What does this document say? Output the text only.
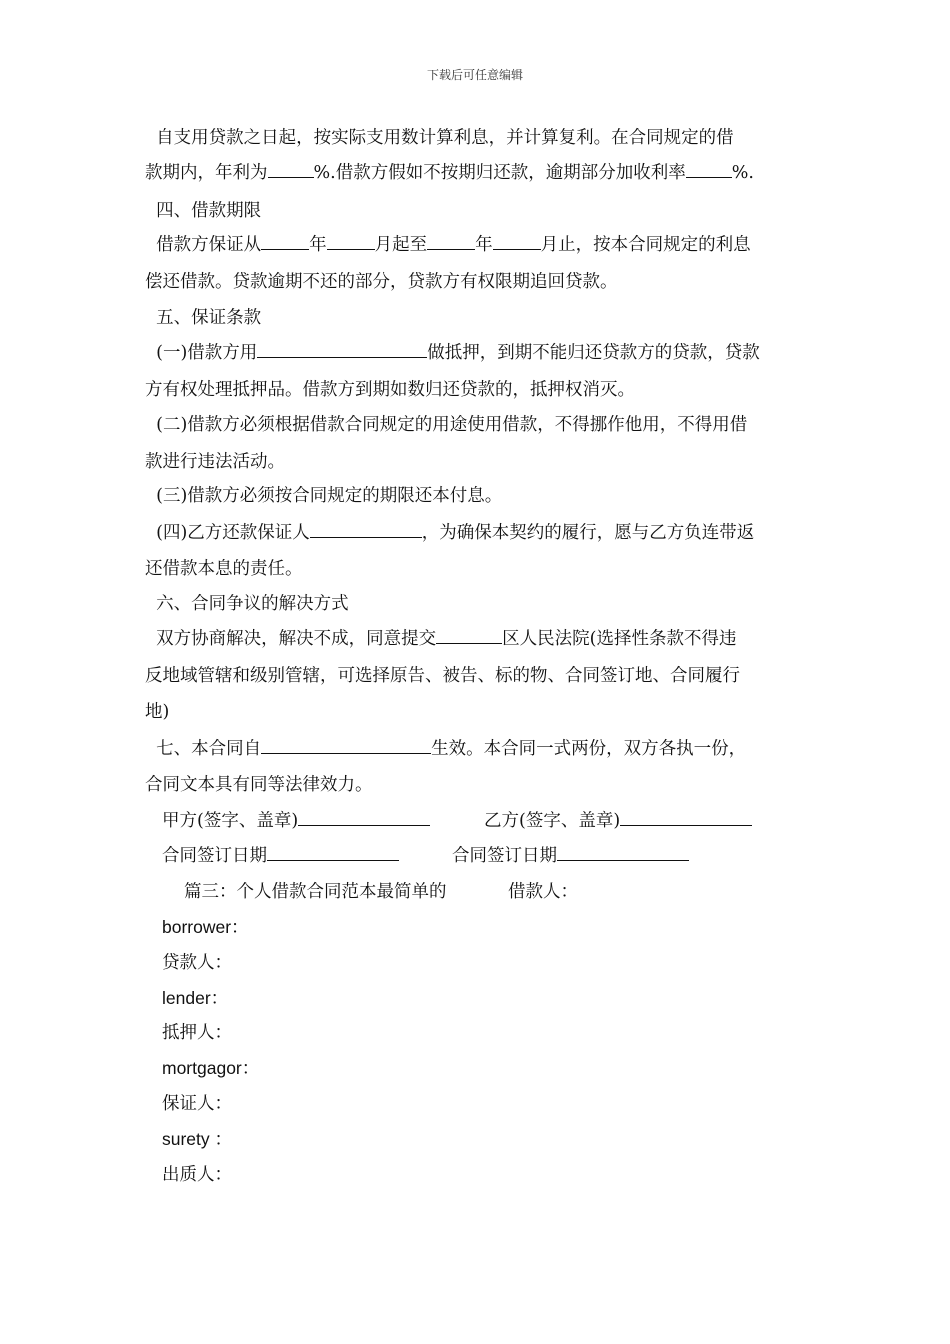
下载后可任意编辑
自支用贷款之日起，按实际支用数计算利息，并计算复利。在合同规定的借
款期内，年利为	%.借款方假如不按期归还款，逾期部分加收利率	%.
四、借款期限
借款方保证从	年	月起至	年	月止，按本合同规定的利息
偿还借款。贷款逾期不还的部分，贷款方有权限期追回贷款。
五、保证条款
(一)借款方用	做抵押，到期不能归还贷款方的贷款，贷款
方有权处理抵押品。借款方到期如数归还贷款的，抵押权消灭。
(二)借款方必须根据借款合同规定的用途使用借款，不得挪作他用，不得用借
款进行违法活动。
(三)借款方必须按合同规定的期限还本付息。
(四)乙方还款保证人	，为确保本契约的履行，愿与乙方负连带返
还借款本息的责任。
六、合同争议的解决方式
双方协商解决，解决不成，同意提交	区人民法院(选择性条款不得违
反地域管辖和级别管辖，可选择原告、被告、标的物、合同签订地、合同履行
地)
七、本合同自	生效。本合同一式两份，双方各执一份，
合同文本具有同等法律效力。
甲方(签字、盖章)	乙方(签字、盖章)
合同签订日期	合同签订日期
篇三：个人借款合同范本最简单的	借款人：
borrower：
贷款人：
lender：
抵押人：
mortgagor：
保证人：
surety ：
出质人：
